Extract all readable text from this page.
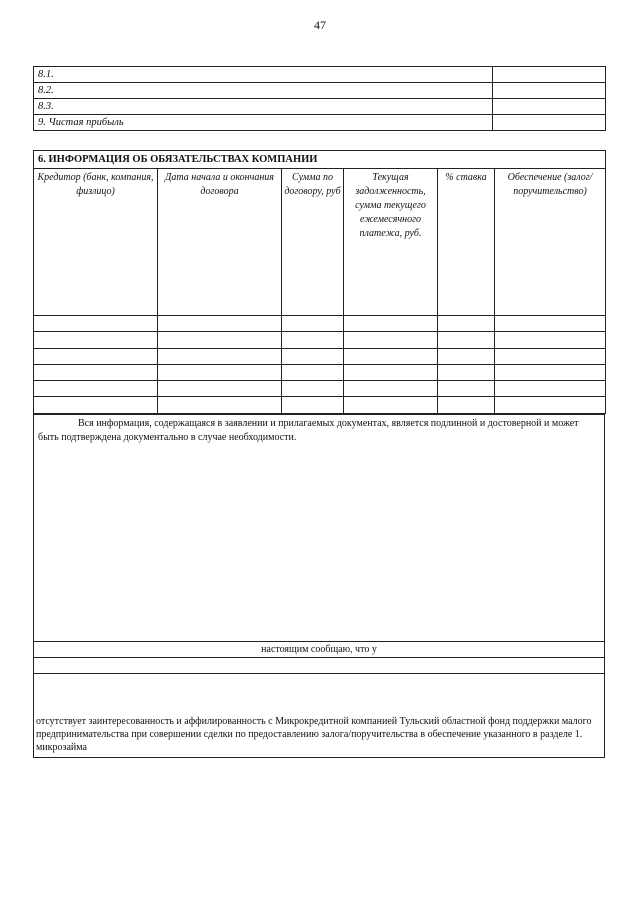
47
8.1.	
8.2.	
8.3.	
9. Чистая прибыль	
6. ИНФОРМАЦИЯ ОБ ОБЯЗАТЕЛЬСТВАХ КОМПАНИИ					
Кредитор (банк, компания, физлицо)	Дата начала и окончания договора	Сумма по договору, руб	Текущая задолженность, сумма текущего ежемесячного платежа, руб.	% ставка	Обеспечение (залог/поручительство)

Вся информация, содержащаяся в заявлении и прилагаемых документах, является подлинной и достоверной и может быть подтверждена документально в случае необходимости.
настоящим сообщаю, что у

отсутствует заинтересованность и аффилированность с Микрокредитной компанией Тульский областной фонд поддержки малого предпринимательства при совершении сделки по предоставлению залога/поручительства в обеспечение указанного в разделе 1. микрозайма
